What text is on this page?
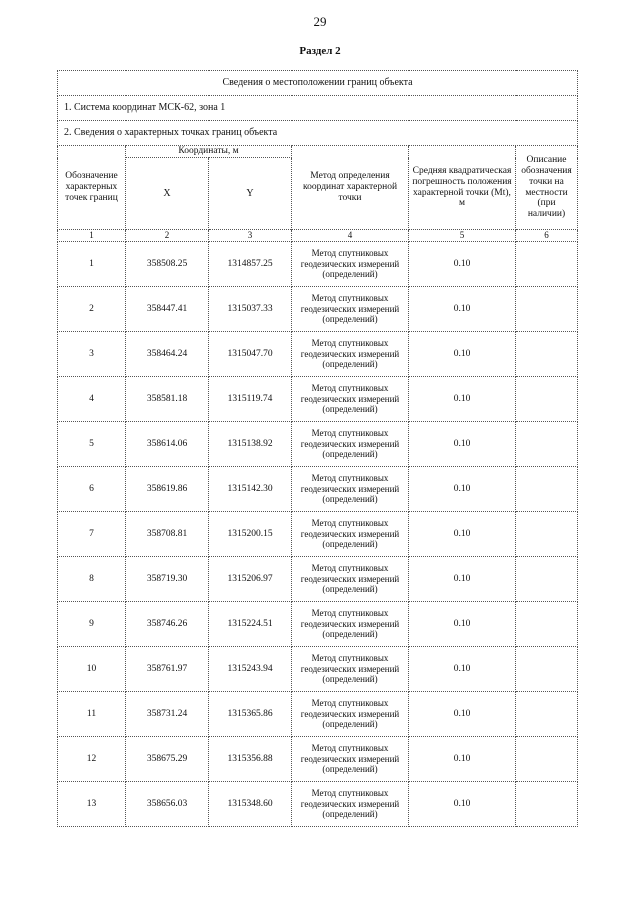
29
Раздел 2
Сведения о местоположении границ объекта					
1. Система координат МСК-62, зона 1					
2. Сведения о характерных точках границ объекта					
Обозначение характерных точек границ	Координаты, м		Метод определения координат характерной точки	Средняя квадратическая погрешность положения характерной точки (Mt), м	Описание обозначения точки на местности (при наличии)
	X	Y			
1	2	3	4	5	6
1	358508.25	1314857.25	Метод спутниковых геодезических измерений (определений)	0.10	
2	358447.41	1315037.33	Метод спутниковых геодезических измерений (определений)	0.10	
3	358464.24	1315047.70	Метод спутниковых геодезических измерений (определений)	0.10	
4	358581.18	1315119.74	Метод спутниковых геодезических измерений (определений)	0.10	
5	358614.06	1315138.92	Метод спутниковых геодезических измерений (определений)	0.10	
6	358619.86	1315142.30	Метод спутниковых геодезических измерений (определений)	0.10	
7	358708.81	1315200.15	Метод спутниковых геодезических измерений (определений)	0.10	
8	358719.30	1315206.97	Метод спутниковых геодезических измерений (определений)	0.10	
9	358746.26	1315224.51	Метод спутниковых геодезических измерений (определений)	0.10	
10	358761.97	1315243.94	Метод спутниковых геодезических измерений (определений)	0.10	
11	358731.24	1315365.86	Метод спутниковых геодезических измерений (определений)	0.10	
12	358675.29	1315356.88	Метод спутниковых геодезических измерений (определений)	0.10	
13	358656.03	1315348.60	Метод спутниковых геодезических измерений (определений)	0.10	
